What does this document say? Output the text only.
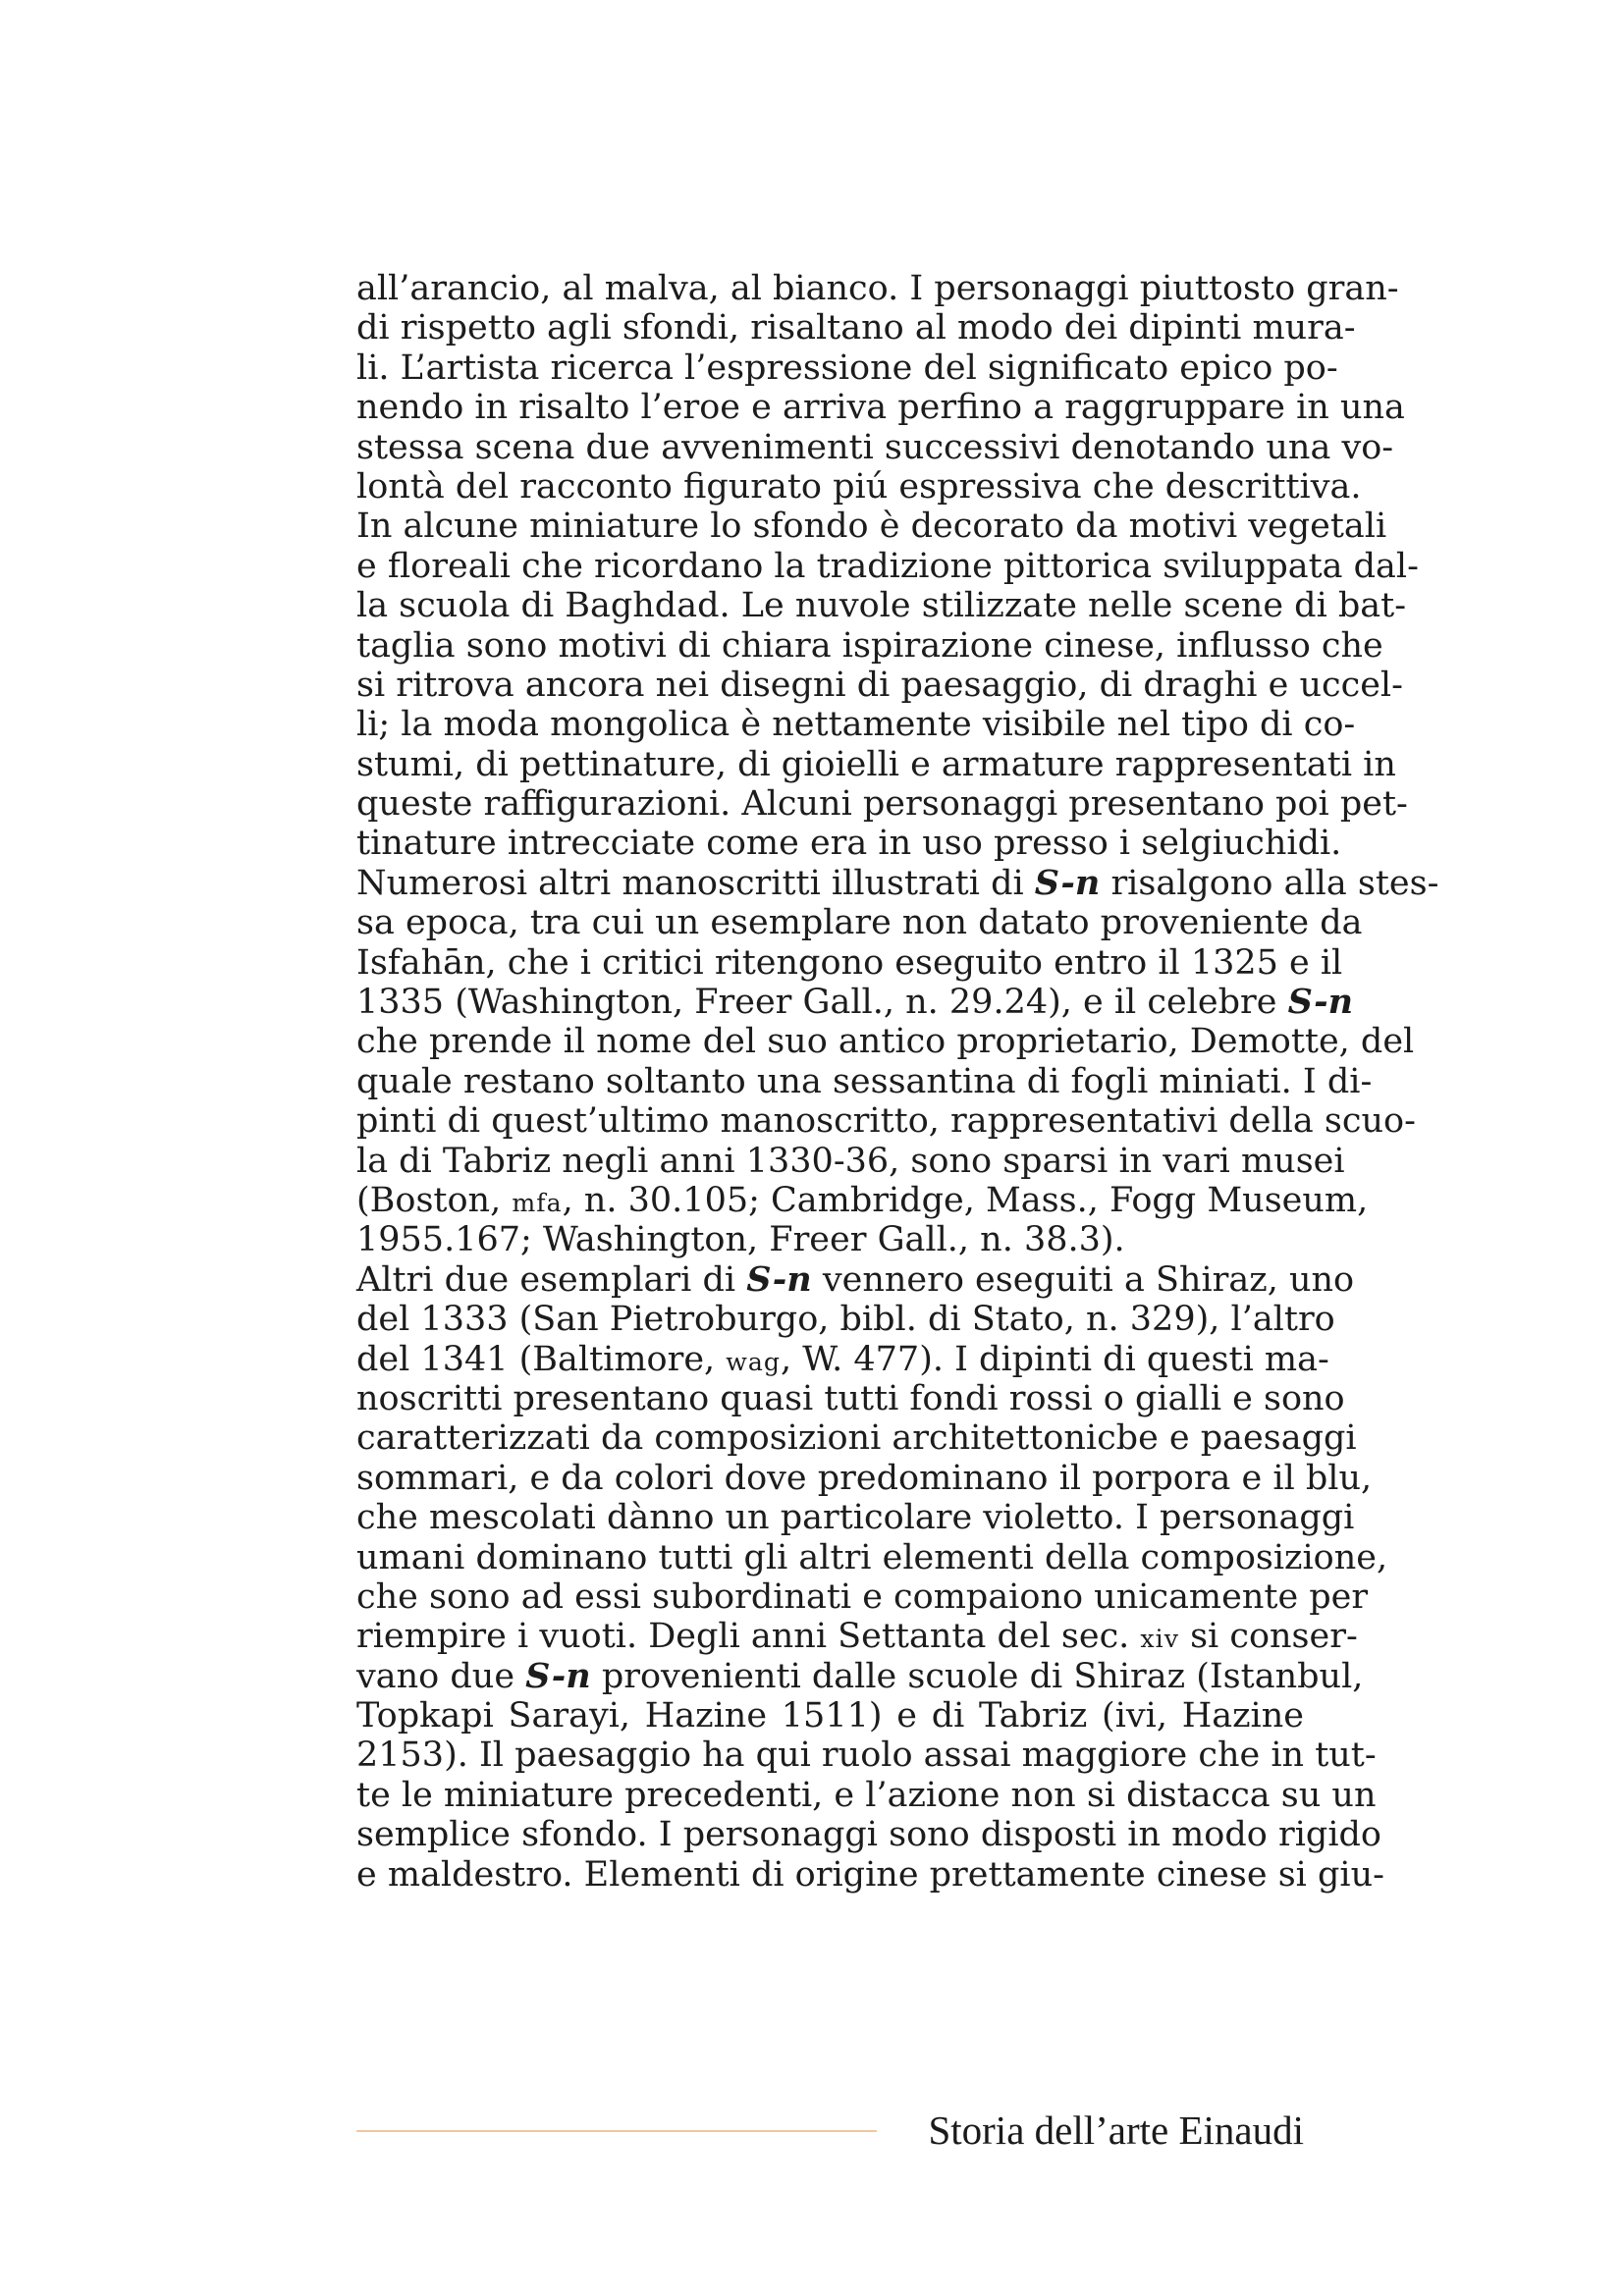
all’arancio, al malva, al bianco. I personaggi piuttosto gran-
di rispetto agli sfondi, risaltano al modo dei dipinti mura-
li. L’artista ricerca l’espressione del significato epico po-
nendo in risalto l’eroe e arriva perfino a raggruppare in una
stessa scena due avvenimenti successivi denotando una vo-
lontà del racconto figurato piú espressiva che descrittiva.
In alcune miniature lo sfondo è decorato da motivi vegetali
e floreali che ricordano la tradizione pittorica sviluppata dal-
la scuola di Baghdad. Le nuvole stilizzate nelle scene di bat-
taglia sono motivi di chiara ispirazione cinese, influsso che
si ritrova ancora nei disegni di paesaggio, di draghi e uccel-
li; la moda mongolica è nettamente visibile nel tipo di co-
stumi, di pettinature, di gioielli e armature rappresentati in
queste raffigurazioni. Alcuni personaggi presentano poi pet-
tinature intrecciate come era in uso presso i selgiuchidi.
Numerosi altri manoscritti illustrati di S-n risalgono alla stes-
sa epoca, tra cui un esemplare non datato proveniente da
Isfahān, che i critici ritengono eseguito entro il 1325 e il
1335 (Washington, Freer Gall., n. 29.24), e il celebre S-n
che prende il nome del suo antico proprietario, Demotte, del
quale restano soltanto una sessantina di fogli miniati. I di-
pinti di quest’ultimo manoscritto, rappresentativi della scuo-
la di Tabriz negli anni 1330-36, sono sparsi in vari musei
(Boston, mfa, n. 30.105; Cambridge, Mass., Fogg Museum,
1955.167; Washington, Freer Gall., n. 38.3).
Altri due esemplari di S-n vennero eseguiti a Shiraz, uno
del 1333 (San Pietroburgo, bibl. di Stato, n. 329), l’altro
del 1341 (Baltimore, wag, W. 477). I dipinti di questi ma-
noscritti presentano quasi tutti fondi rossi o gialli e sono
caratterizzati da composizioni architettonicbe e paesaggi
sommari, e da colori dove predominano il porpora e il blu,
che mescolati dànno un particolare violetto. I personaggi
umani dominano tutti gli altri elementi della composizione,
che sono ad essi subordinati e compaiono unicamente per
riempire i vuoti. Degli anni Settanta del sec. xiv si conser-
vano due S-n provenienti dalle scuole di Shiraz (Istanbul,
Topkapi Sarayi, Hazine 1511) e di Tabriz (ivi, Hazine
2153). Il paesaggio ha qui ruolo assai maggiore che in tut-
te le miniature precedenti, e l’azione non si distacca su un
semplice sfondo. I personaggi sono disposti in modo rigido
e maldestro. Elementi di origine prettamente cinese si giu-
Storia dell’arte Einaudi
